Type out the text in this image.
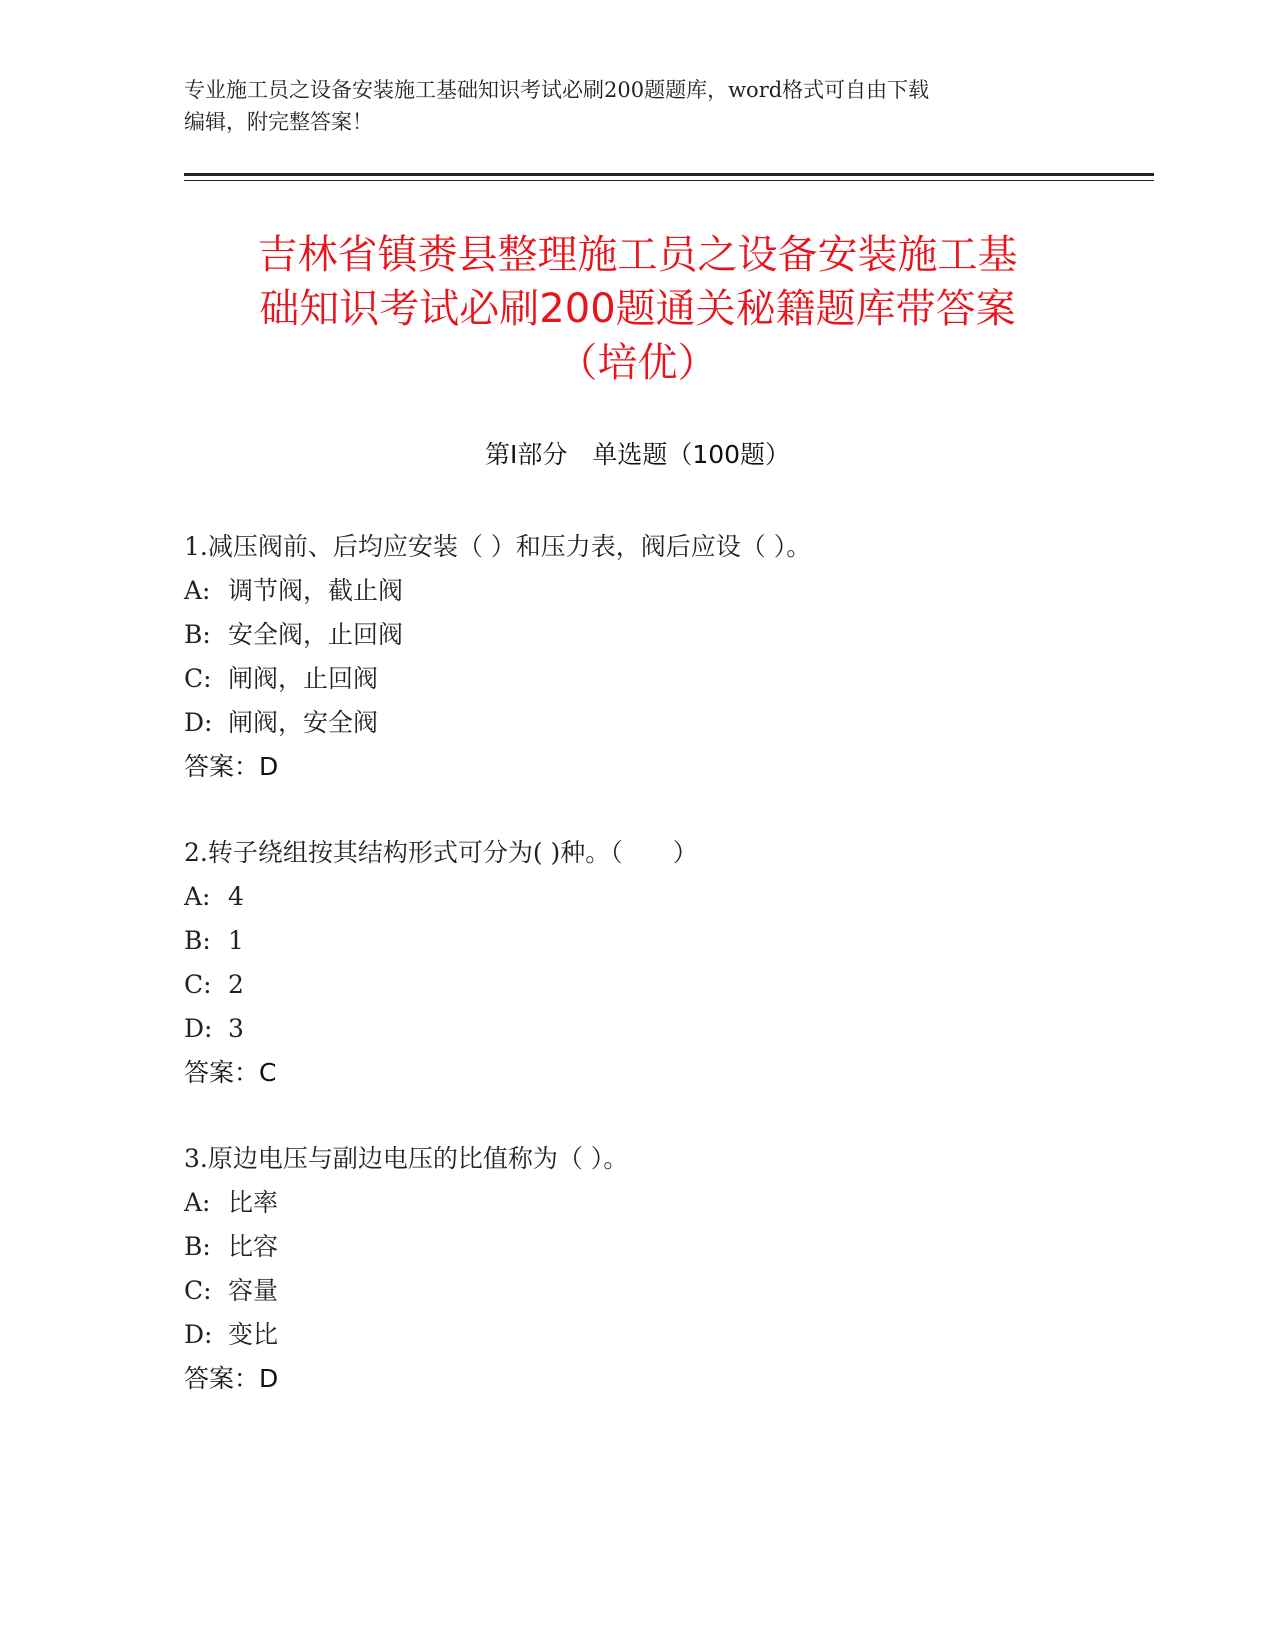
专业施工员之设备安装施工基础知识考试必刷200题题库，word格式可自由下载
编辑，附完整答案！
吉林省镇赉县整理施工员之设备安装施工基
础知识考试必刷200题通关秘籍题库带答案
（培优）
第Ⅰ部分　单选题（100题）
1.减压阀前、后均应安装（ ）和压力表，阀后应设（ ）。
A: 调节阀，截止阀
B: 安全阀，止回阀
C: 闸阀，止回阀
D: 闸阀，安全阀
答案：D
2.转子绕组按其结构形式可分为( )种。（　　）
A: 4
B: 1
C: 2
D: 3
答案：C
3.原边电压与副边电压的比值称为（ ）。
A: 比率
B: 比容
C: 容量
D: 变比
答案：D
